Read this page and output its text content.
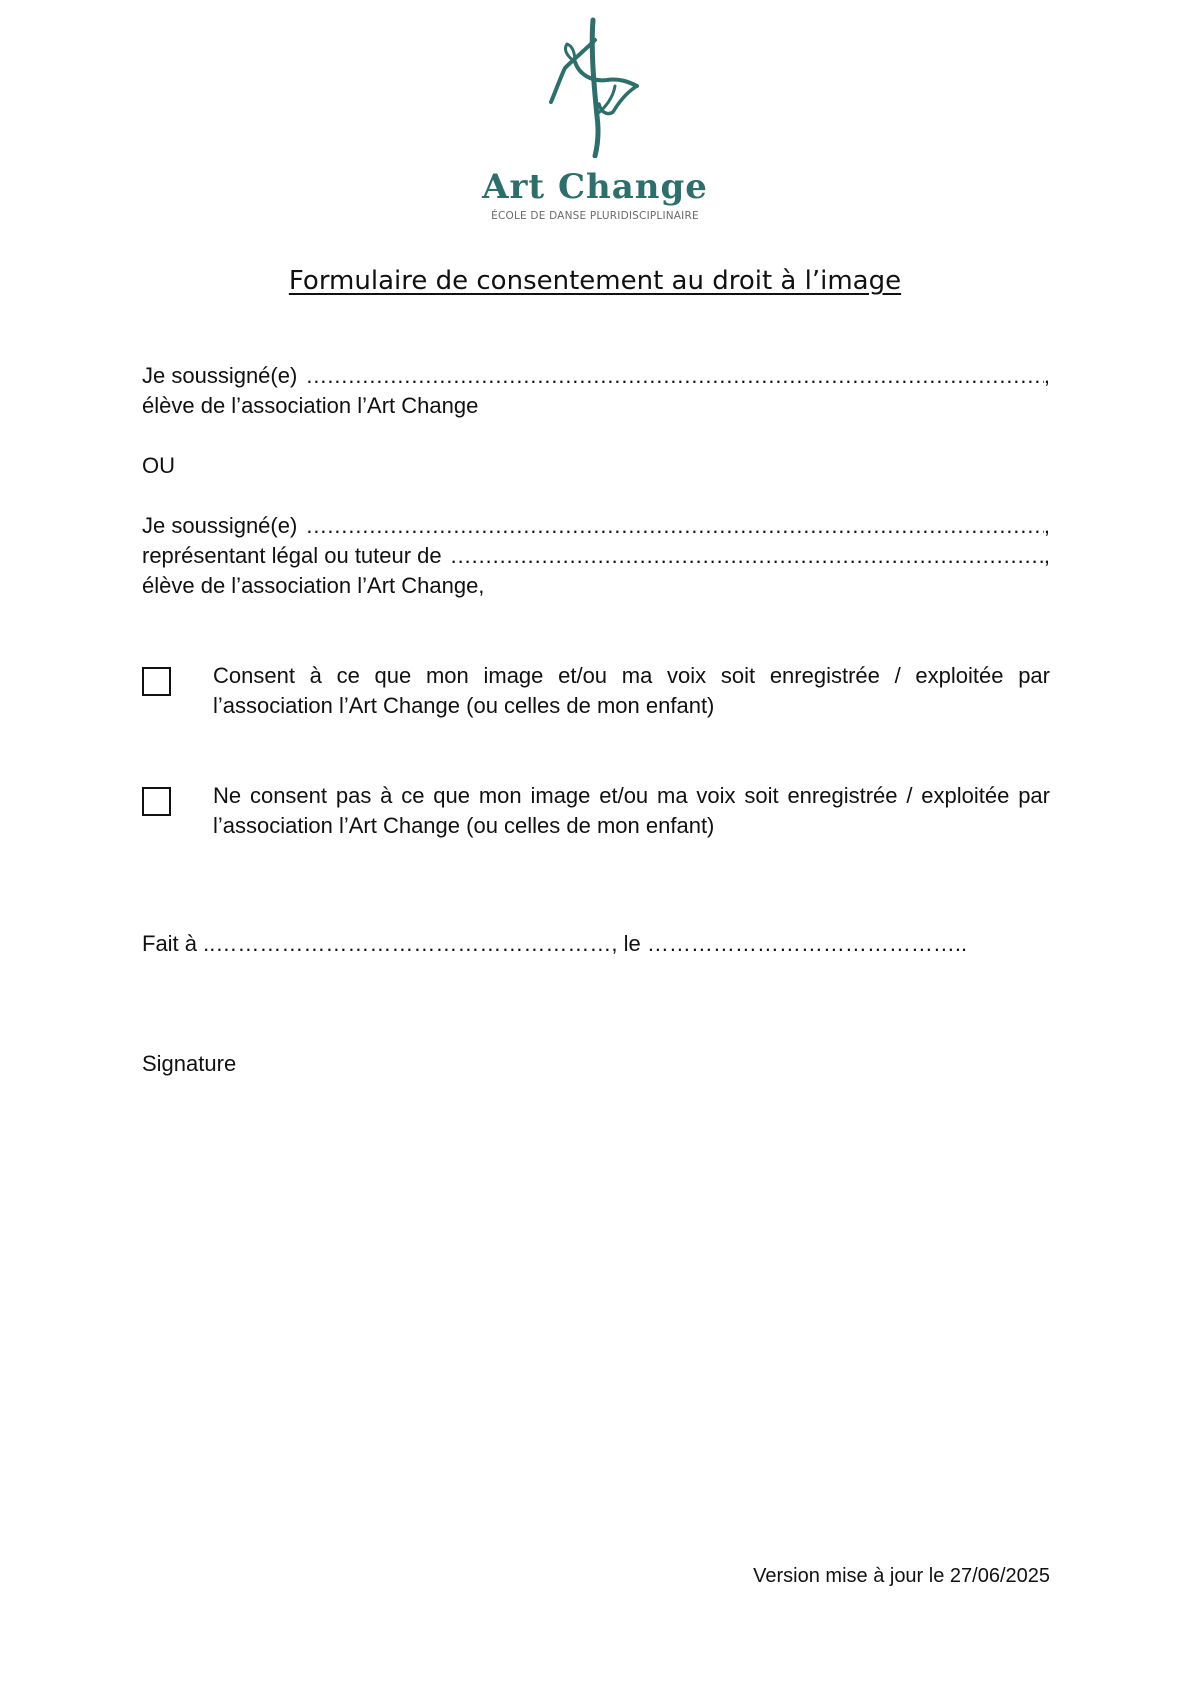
Art Change
ÉCOLE DE DANSE PLURIDISCIPLINAIRE
Formulaire de consentement au droit à l’image
Je soussigné(e) ……………………………………………………………………………………………………………………………………	,
élève de l’association l’Art Change
OU
Je soussigné(e) ……………………………………………………………………………………………………………………………………	,
représentant légal ou tuteur de ……………………………………………………………………………………………………………………………………	,
élève de l’association l’Art Change,
Consent à ce que mon image et/ou ma voix soit enregistrée / exploitée par l’association l’Art Change (ou celles de mon enfant)
Ne consent pas à ce que mon image et/ou ma voix soit enregistrée / exploitée par l’association l’Art Change (ou celles de mon enfant)
Fait à ..………………………………………………, le ……………………………………..
Signature
Version mise à jour le 27/06/2025
